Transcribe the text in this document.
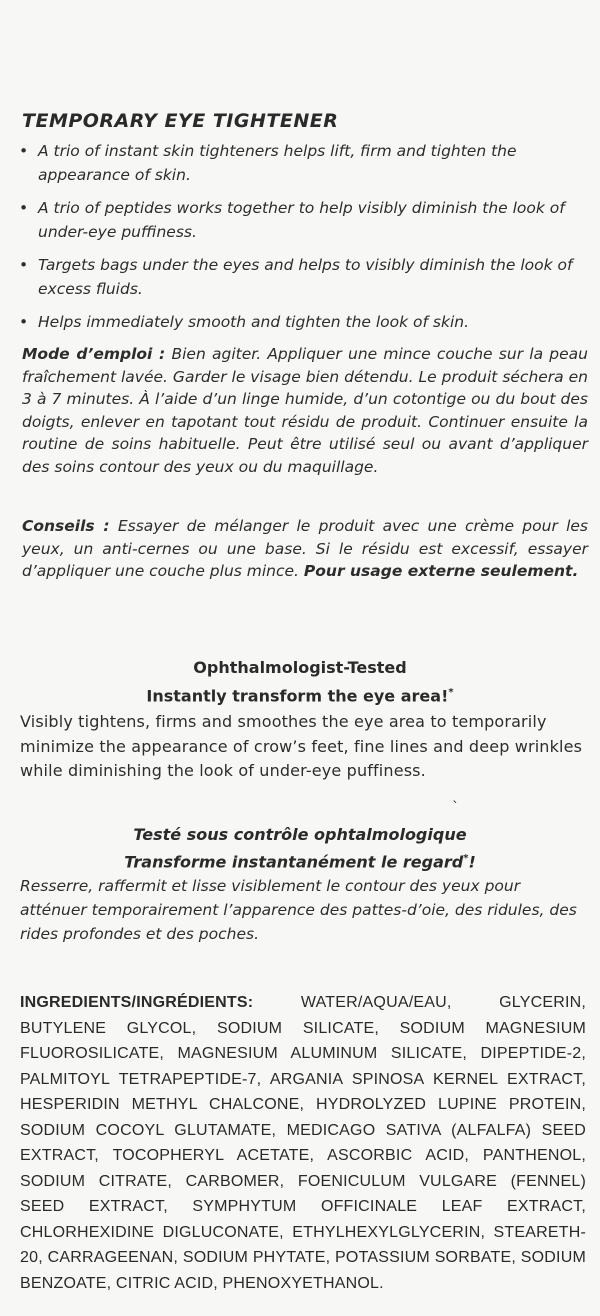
TEMPORARY EYE TIGHTENER
• A trio of instant skin tighteners helps lift, firm and tighten the appearance of skin.
• A trio of peptides works together to help visibly diminish the look of under-eye puffiness.
• Targets bags under the eyes and helps to visibly diminish the look of excess fluids.
• Helps immediately smooth and tighten the look of skin.

Mode d’emploi : Bien agiter. Appliquer une mince couche sur la peau fraîchement lavée. Garder le visage bien détendu. Le produit séchera en 3 à 7 minutes. À l’aide d’un linge humide, d’un cotontige ou du bout des doigts, enlever en tapotant tout résidu de produit. Continuer ensuite la routine de soins habituelle. Peut être utilisé seul ou avant d’appliquer des soins contour des yeux ou du maquillage.

Conseils : Essayer de mélanger le produit avec une crème pour les yeux, un anti-cernes ou une base. Si le résidu est excessif, essayer d’appliquer une couche plus mince. Pour usage externe seulement.

Ophthalmologist-Tested

Instantly transform the eye area!*

Visibly tightens, firms and smoothes the eye area to temporarily minimize the appearance of crow’s feet, fine lines and deep wrinkles while diminishing the look of under-eye puffiness.

ˋ

Testé sous contrôle ophtalmologique

Transforme instantanément le regard*!

Resserre, raffermit et lisse visiblement le contour des yeux pour atténuer temporairement l’apparence des pattes-d’oie, des ridules, des rides profondes et des poches.

INGREDIENTS/INGRÉDIENTS: WATER/AQUA/EAU, GLYCERIN, BUTYLENE GLYCOL, SODIUM SILICATE, SODIUM MAGNESIUM FLUOROSILICATE, MAGNESIUM ALUMINUM SILICATE, DIPEPTIDE-2, PALMITOYL TETRAPEPTIDE-7, ARGANIA SPINOSA KERNEL EXTRACT, HESPERIDIN METHYL CHALCONE, HYDROLYZED LUPINE PROTEIN, SODIUM COCOYL GLUTAMATE, MEDICAGO SATIVA (ALFALFA) SEED EXTRACT, TOCOPHERYL ACETATE, ASCORBIC ACID, PANTHENOL, SODIUM CITRATE, CARBOMER, FOENICULUM VULGARE (FENNEL) SEED EXTRACT, SYMPHYTUM OFFICINALE LEAF EXTRACT, CHLORHEXIDINE DIGLUCONATE, ETHYLHEXYLGLYCERIN, STEARETH-20, CARRAGEENAN, SODIUM PHYTATE, POTASSIUM SORBATE, SODIUM BENZOATE, CITRIC ACID, PHENOXYETHANOL.
